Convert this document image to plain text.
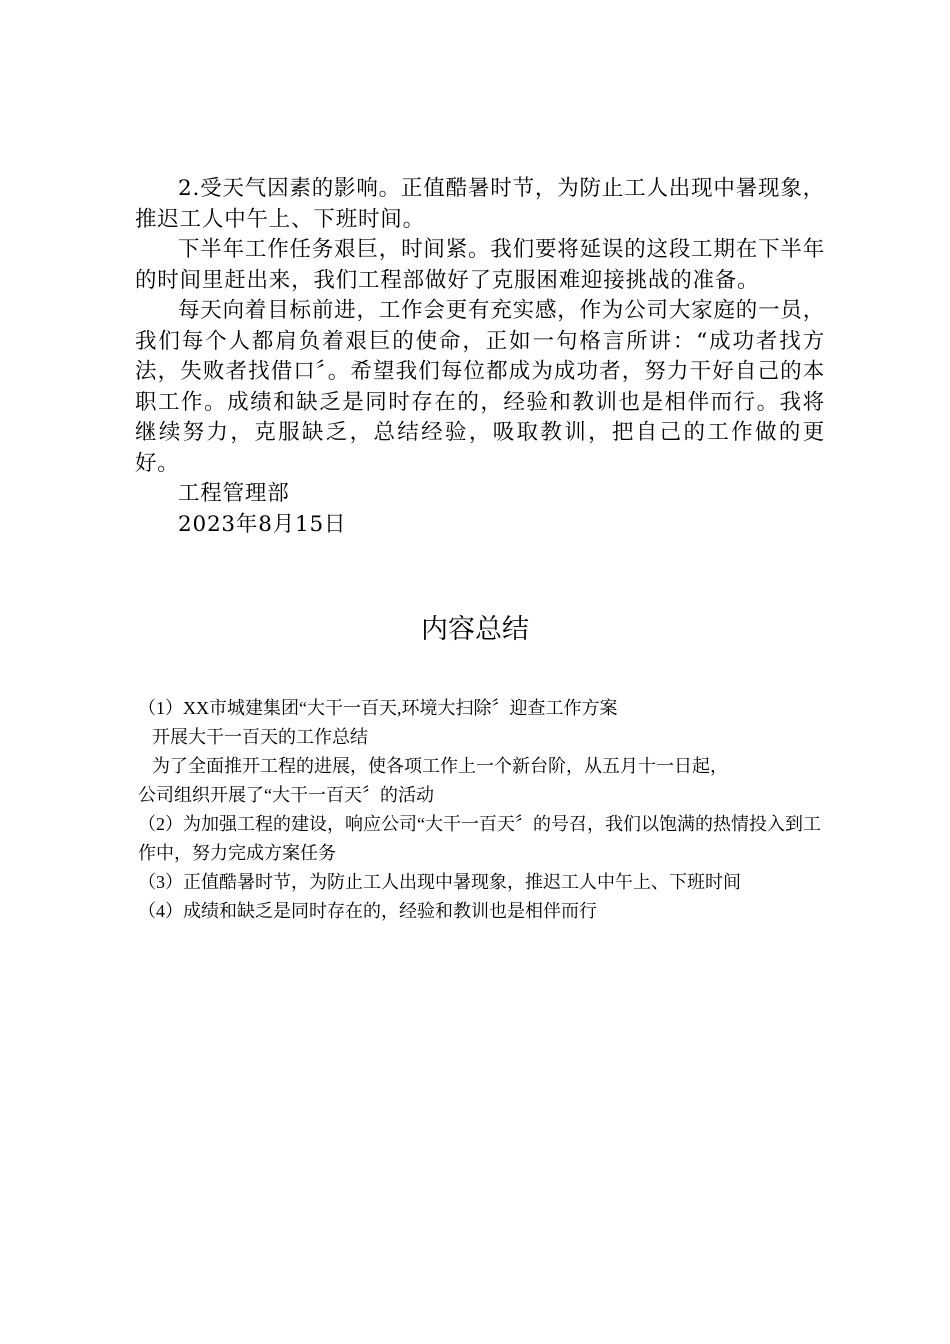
2.受天气因素的影响。正值酷暑时节，为防止工人出现中暑现象，推迟工人中午上、下班时间。

下半年工作任务艰巨，时间紧。我们要将延误的这段工期在下半年的时间里赶出来，我们工程部做好了克服困难迎接挑战的准备。

每天向着目标前进，工作会更有充实感，作为公司大家庭的一员，我们每个人都肩负着艰巨的使命，正如一句格言所讲：“成功者找方法，失败者找借口〞。希望我们每位都成为成功者，努力干好自己的本职工作。成绩和缺乏是同时存在的，经验和教训也是相伴而行。我将继续努力，克服缺乏，总结经验，吸取教训，把自己的工作做的更好。

工程管理部

2023年8月15日

内容总结

（1）XX市城建集团“大干一百天,环境大扫除〞迎查工作方案

开展大干一百天的工作总结

为了全面推开工程的进展，使各项工作上一个新台阶，从五月十一日起，

公司组织开展了“大干一百天〞的活动

（2）为加强工程的建设，响应公司“大干一百天〞的号召，我们以饱满的热情投入到工作中，努力完成方案任务

（3）正值酷暑时节，为防止工人出现中暑现象，推迟工人中午上、下班时间

（4）成绩和缺乏是同时存在的，经验和教训也是相伴而行
